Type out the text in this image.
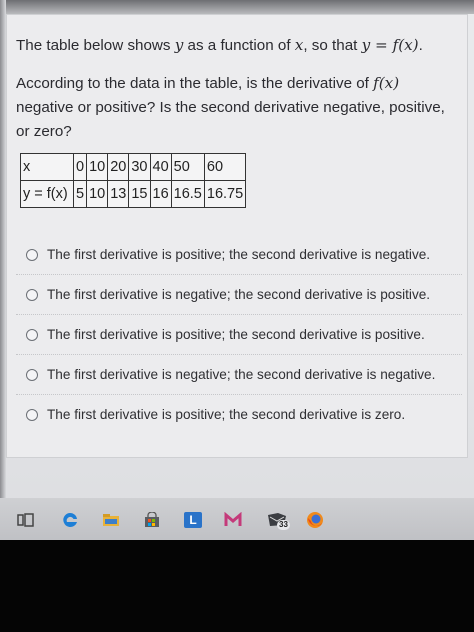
The table below shows y as a function of x, so that y = f(x).

According to the data in the table, is the derivative of f(x) negative or positive? Is the second derivative negative, positive, or zero?

x	0	10	20	30	40	50	60
y = f(x)	5	10	13	15	16	16.5	16.75
The first derivative is positive; the second derivative is negative.
The first derivative is negative; the second derivative is positive.
The first derivative is positive; the second derivative is positive.
The first derivative is negative; the second derivative is negative.
The first derivative is positive; the second derivative is zero.
L	33
